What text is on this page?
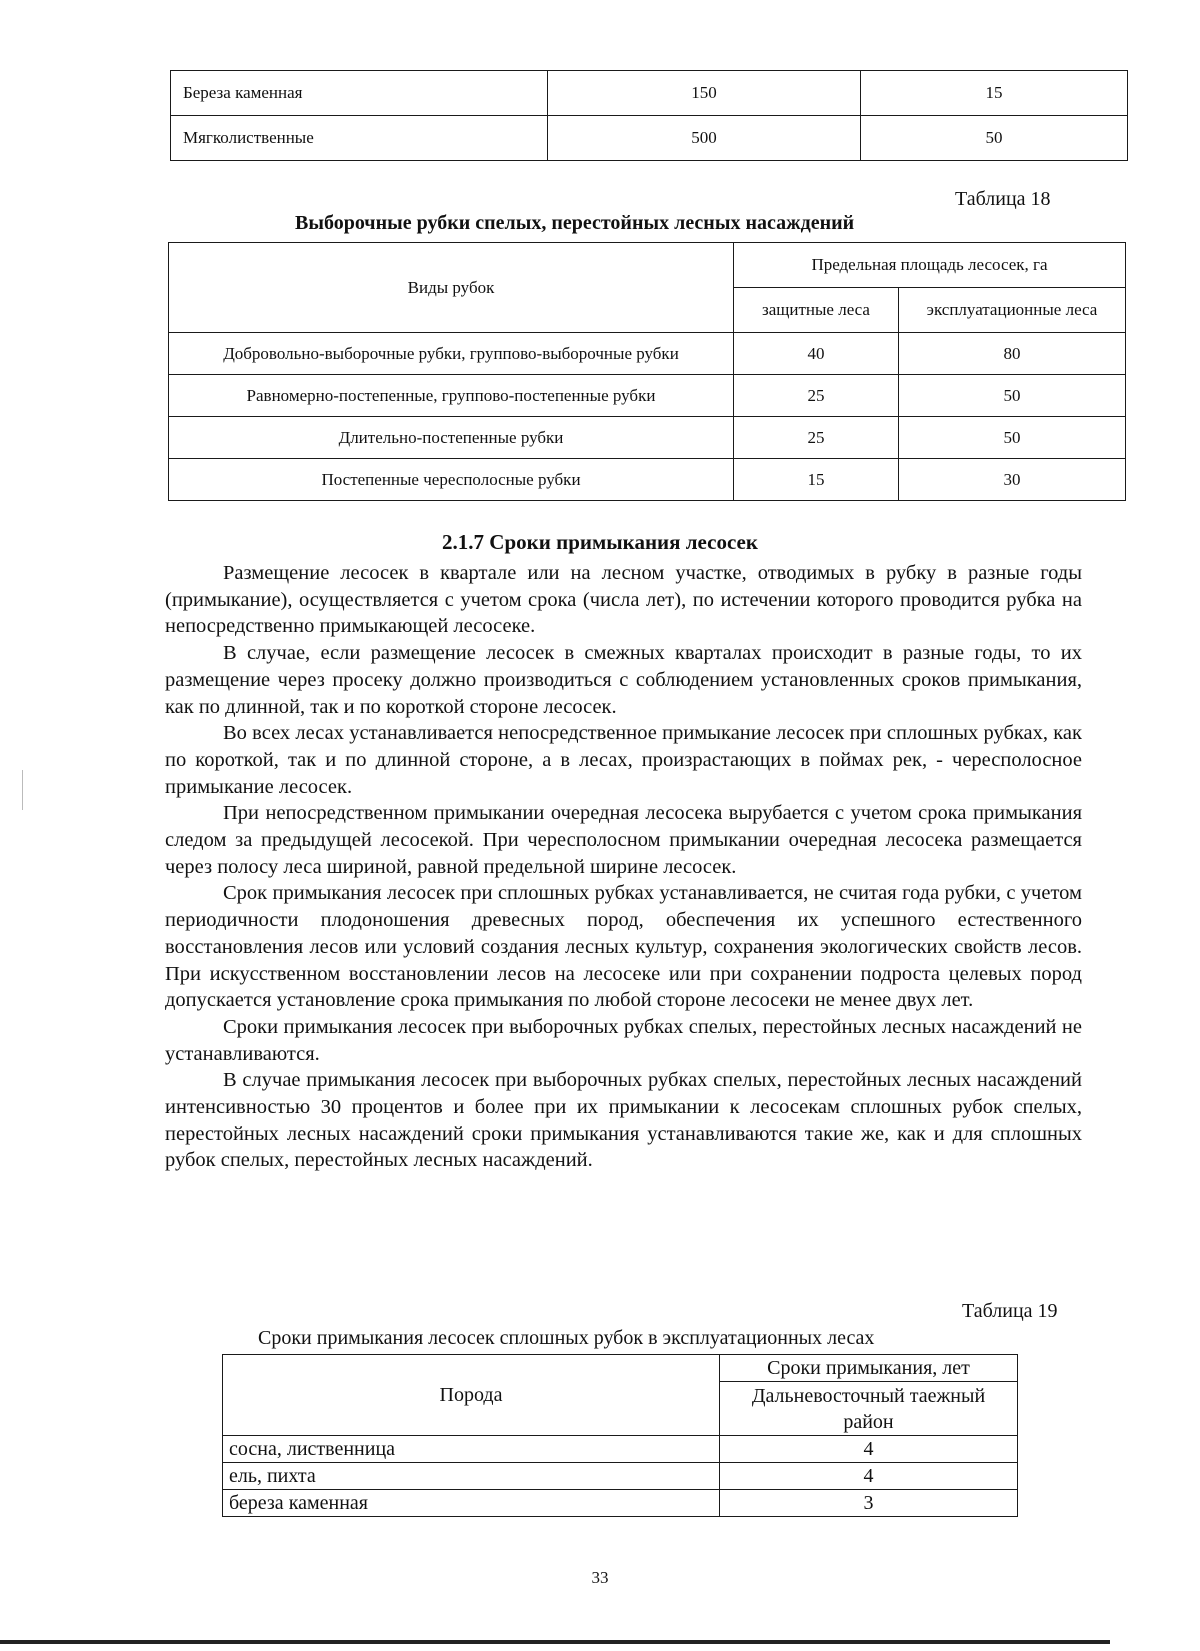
Береза каменная	150	15
Мягколиственные	500	50
Таблица 18
Выборочные рубки спелых, перестойных лесных насаждений
Виды рубок	Предельная площадь лесосек, га	
	защитные леса	эксплуатационные леса
Добровольно-выборочные рубки, группово-выборочные рубки	40	80
Равномерно-постепенные, группово-постепенные рубки	25	50
Длительно-постепенные рубки	25	50
Постепенные чересполосные рубки	15	30
2.1.7 Сроки примыкания лесосек

Размещение лесосек в квартале или на лесном участке, отводимых в рубку в разные годы (примыкание), осуществляется с учетом срока (числа лет), по истечении которого проводится рубка на непосредственно примыкающей лесосеке.

В случае, если размещение лесосек в смежных кварталах происходит в разные годы, то их размещение через просеку должно производиться с соблюдением установленных сроков примыкания, как по длинной, так и по короткой стороне лесосек.

Во всех лесах устанавливается непосредственное примыкание лесосек при сплошных рубках, как по короткой, так и по длинной стороне, а в лесах, произрастающих в поймах рек, - чересполосное примыкание лесосек.

При непосредственном примыкании очередная лесосека вырубается с учетом срока примыкания следом за предыдущей лесосекой. При чересполосном примыкании очередная лесосека размещается через полосу леса шириной, равной предельной ширине лесосек.

Срок примыкания лесосек при сплошных рубках устанавливается, не считая года рубки, с учетом периодичности плодоношения древесных пород, обеспечения их успешного естественного восстановления лесов или условий создания лесных культур, сохранения экологических свойств лесов. При искусственном восстановлении лесов на лесосеке или при сохранении подроста целевых пород допускается установление срока примыкания по любой стороне лесосеки не менее двух лет.

Сроки примыкания лесосек при выборочных рубках спелых, перестойных лесных насаждений не устанавливаются.

В случае примыкания лесосек при выборочных рубках спелых, перестойных лесных насаждений интенсивностью 30 процентов и более при их примыкании к лесосекам сплошных рубок спелых, перестойных лесных насаждений сроки примыкания устанавливаются такие же, как и для сплошных рубок спелых, перестойных лесных насаждений.

Таблица 19
Сроки примыкания лесосек сплошных рубок в эксплуатационных лесах
Порода	Сроки примыкания, лет
	Дальневосточный таежный район
сосна, лиственница	4
ель, пихта	4
береза каменная	3
33
